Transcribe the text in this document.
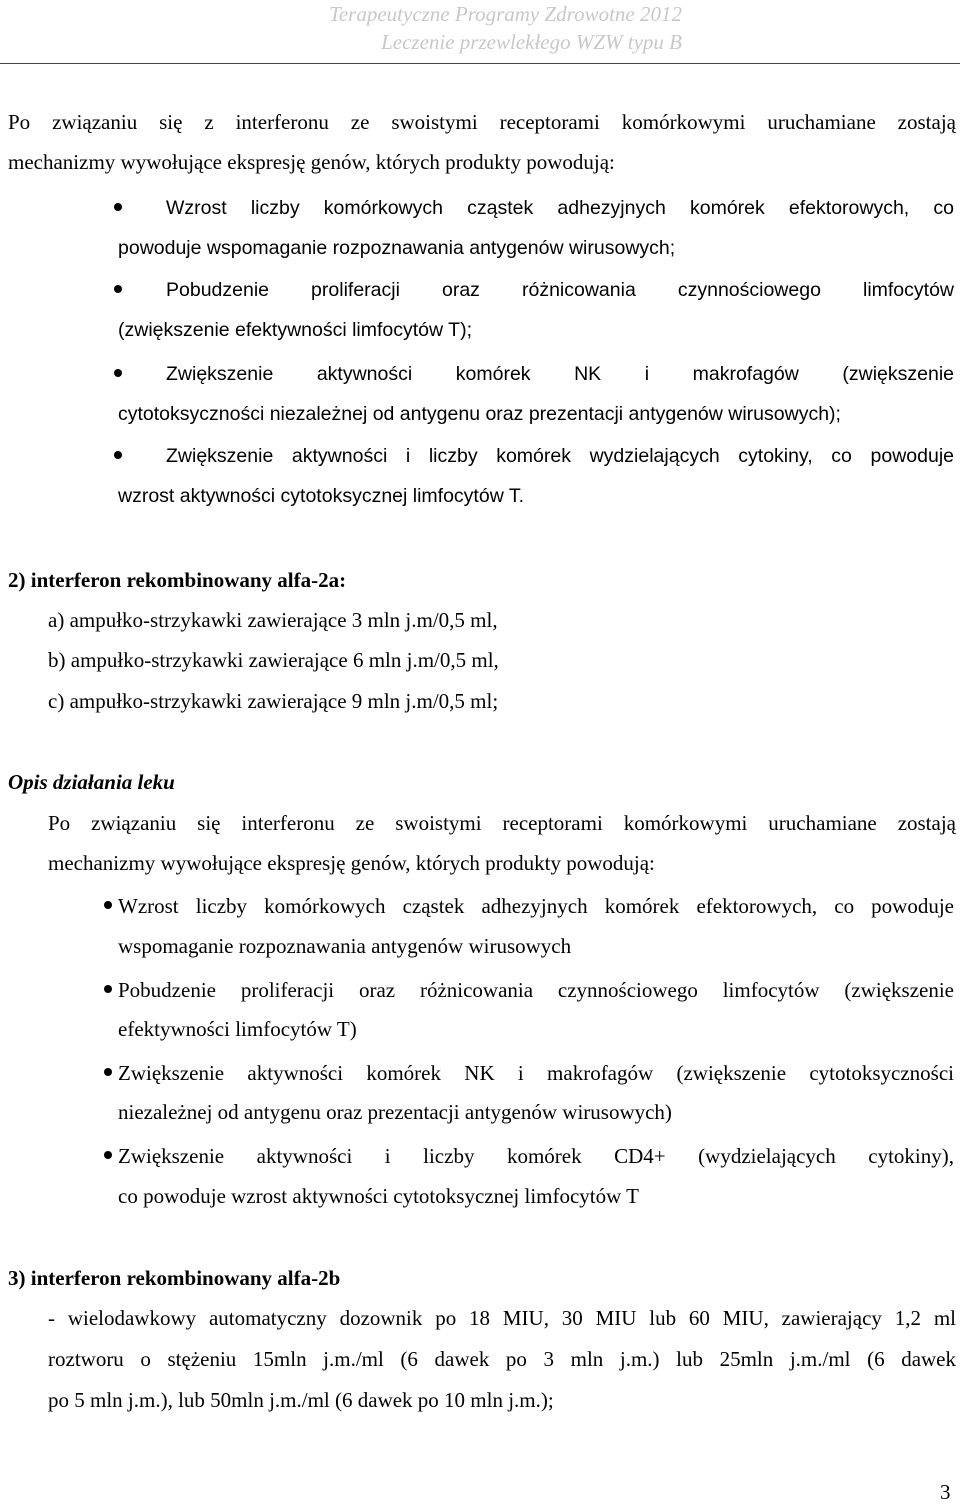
Terapeutyczne Programy Zdrowotne 2012
Leczenie przewlekłego WZW typu B
Po związaniu się z interferonu ze swoistymi receptorami komórkowymi uruchamiane zostają
mechanizmy wywołujące ekspresję genów, których produkty powodują:
Wzrost liczby komórkowych cząstek adhezyjnych komórek efektorowych, co
powoduje wspomaganie rozpoznawania antygenów wirusowych;
Pobudzenie proliferacji oraz różnicowania czynnościowego limfocytów
(zwiększenie efektywności limfocytów T);
Zwiększenie aktywności komórek NK i makrofagów (zwiększenie
cytotoksyczności niezależnej od antygenu oraz prezentacji antygenów wirusowych);
Zwiększenie aktywności i liczby komórek wydzielających cytokiny, co powoduje
wzrost aktywności cytotoksycznej limfocytów T.
2) interferon rekombinowany alfa-2a:
a) ampułko-strzykawki zawierające 3 mln j.m/0,5 ml,
b) ampułko-strzykawki zawierające 6 mln j.m/0,5 ml,
c) ampułko-strzykawki zawierające 9 mln j.m/0,5 ml;
Opis działania leku
Po związaniu się interferonu ze swoistymi receptorami komórkowymi uruchamiane zostają
mechanizmy wywołujące ekspresję genów, których produkty powodują:
Wzrost liczby komórkowych cząstek adhezyjnych komórek efektorowych, co powoduje
wspomaganie rozpoznawania antygenów wirusowych
Pobudzenie proliferacji oraz różnicowania czynnościowego limfocytów (zwiększenie
efektywności limfocytów T)
Zwiększenie aktywności komórek NK i makrofagów (zwiększenie cytotoksyczności
niezależnej od antygenu oraz prezentacji antygenów wirusowych)
Zwiększenie aktywności i liczby komórek CD4+ (wydzielających cytokiny),
co powoduje wzrost aktywności cytotoksycznej limfocytów T
3) interferon rekombinowany alfa-2b
- wielodawkowy automatyczny dozownik po 18 MIU, 30 MIU lub 60 MIU, zawierający 1,2 ml
roztworu o stężeniu 15mln j.m./ml (6 dawek po 3 mln j.m.) lub 25mln j.m./ml (6 dawek
po 5 mln j.m.), lub 50mln j.m./ml (6 dawek po 10 mln j.m.);
3
